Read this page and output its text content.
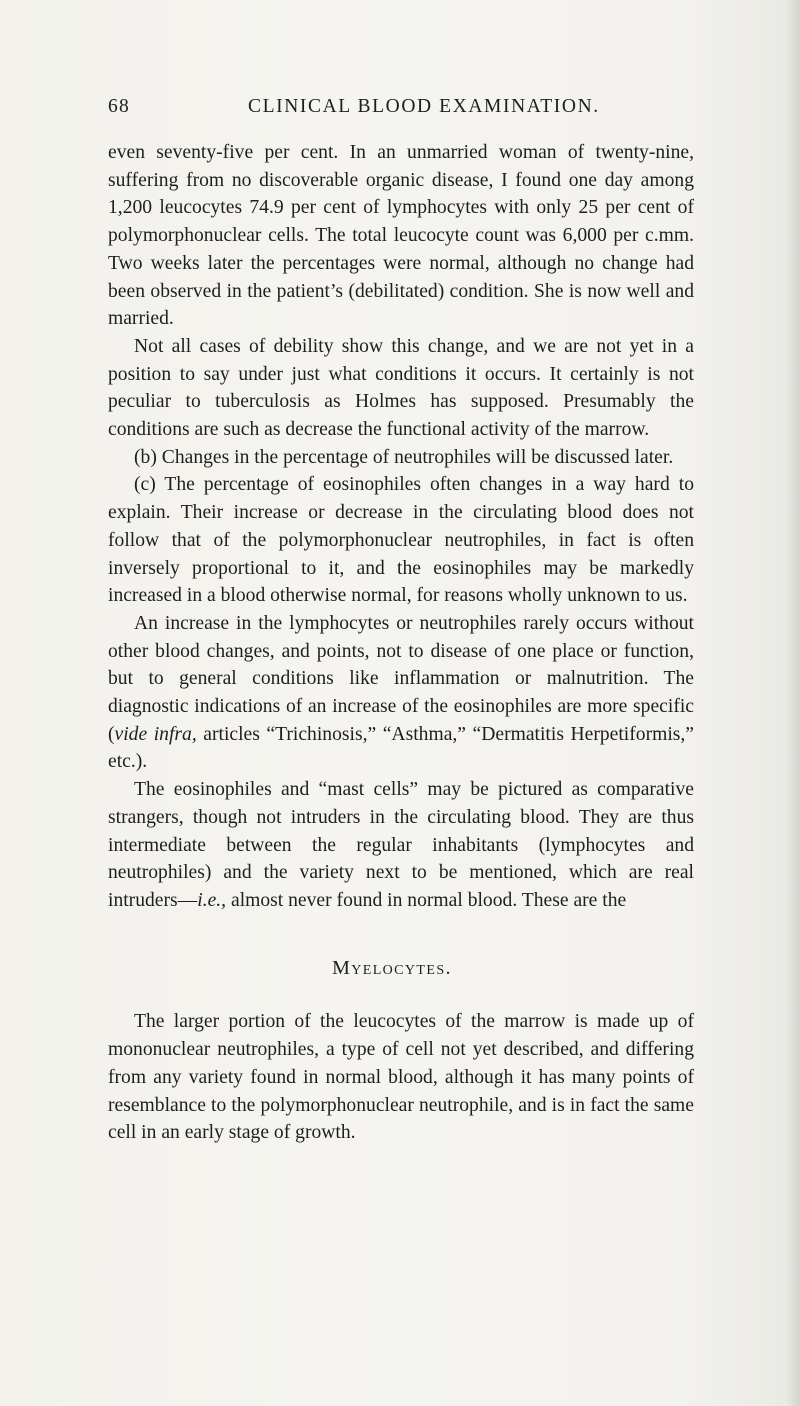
68	CLINICAL BLOOD EXAMINATION.

even seventy-five per cent. In an unmarried woman of twenty-nine, suffering from no discoverable organic disease, I found one day among 1,200 leucocytes 74.9 per cent of lymphocytes with only 25 per cent of polymorphonuclear cells. The total leucocyte count was 6,000 per c.mm. Two weeks later the percentages were normal, although no change had been observed in the patient’s (debilitated) condition. She is now well and married.

Not all cases of debility show this change, and we are not yet in a position to say under just what conditions it occurs. It certainly is not peculiar to tuberculosis as Holmes has supposed. Presumably the conditions are such as decrease the functional activity of the marrow.

(b) Changes in the percentage of neutrophiles will be discussed later.

(c) The percentage of eosinophiles often changes in a way hard to explain. Their increase or decrease in the circulating blood does not follow that of the polymorphonuclear neutrophiles, in fact is often inversely proportional to it, and the eosinophiles may be markedly increased in a blood otherwise normal, for reasons wholly unknown to us.

An increase in the lymphocytes or neutrophiles rarely occurs without other blood changes, and points, not to disease of one place or function, but to general conditions like inflammation or malnutrition. The diagnostic indications of an increase of the eosinophiles are more specific (vide infra, articles “Trichinosis,” “Asthma,” “Dermatitis Herpetiformis,” etc.).

The eosinophiles and “mast cells” may be pictured as comparative strangers, though not intruders in the circulating blood. They are thus intermediate between the regular inhabitants (lymphocytes and neutrophiles) and the variety next to be mentioned, which are real intruders—i.e., almost never found in normal blood. These are the

Myelocytes.

The larger portion of the leucocytes of the marrow is made up of mononuclear neutrophiles, a type of cell not yet described, and differing from any variety found in normal blood, although it has many points of resemblance to the polymorphonuclear neutrophile, and is in fact the same cell in an early stage of growth.
